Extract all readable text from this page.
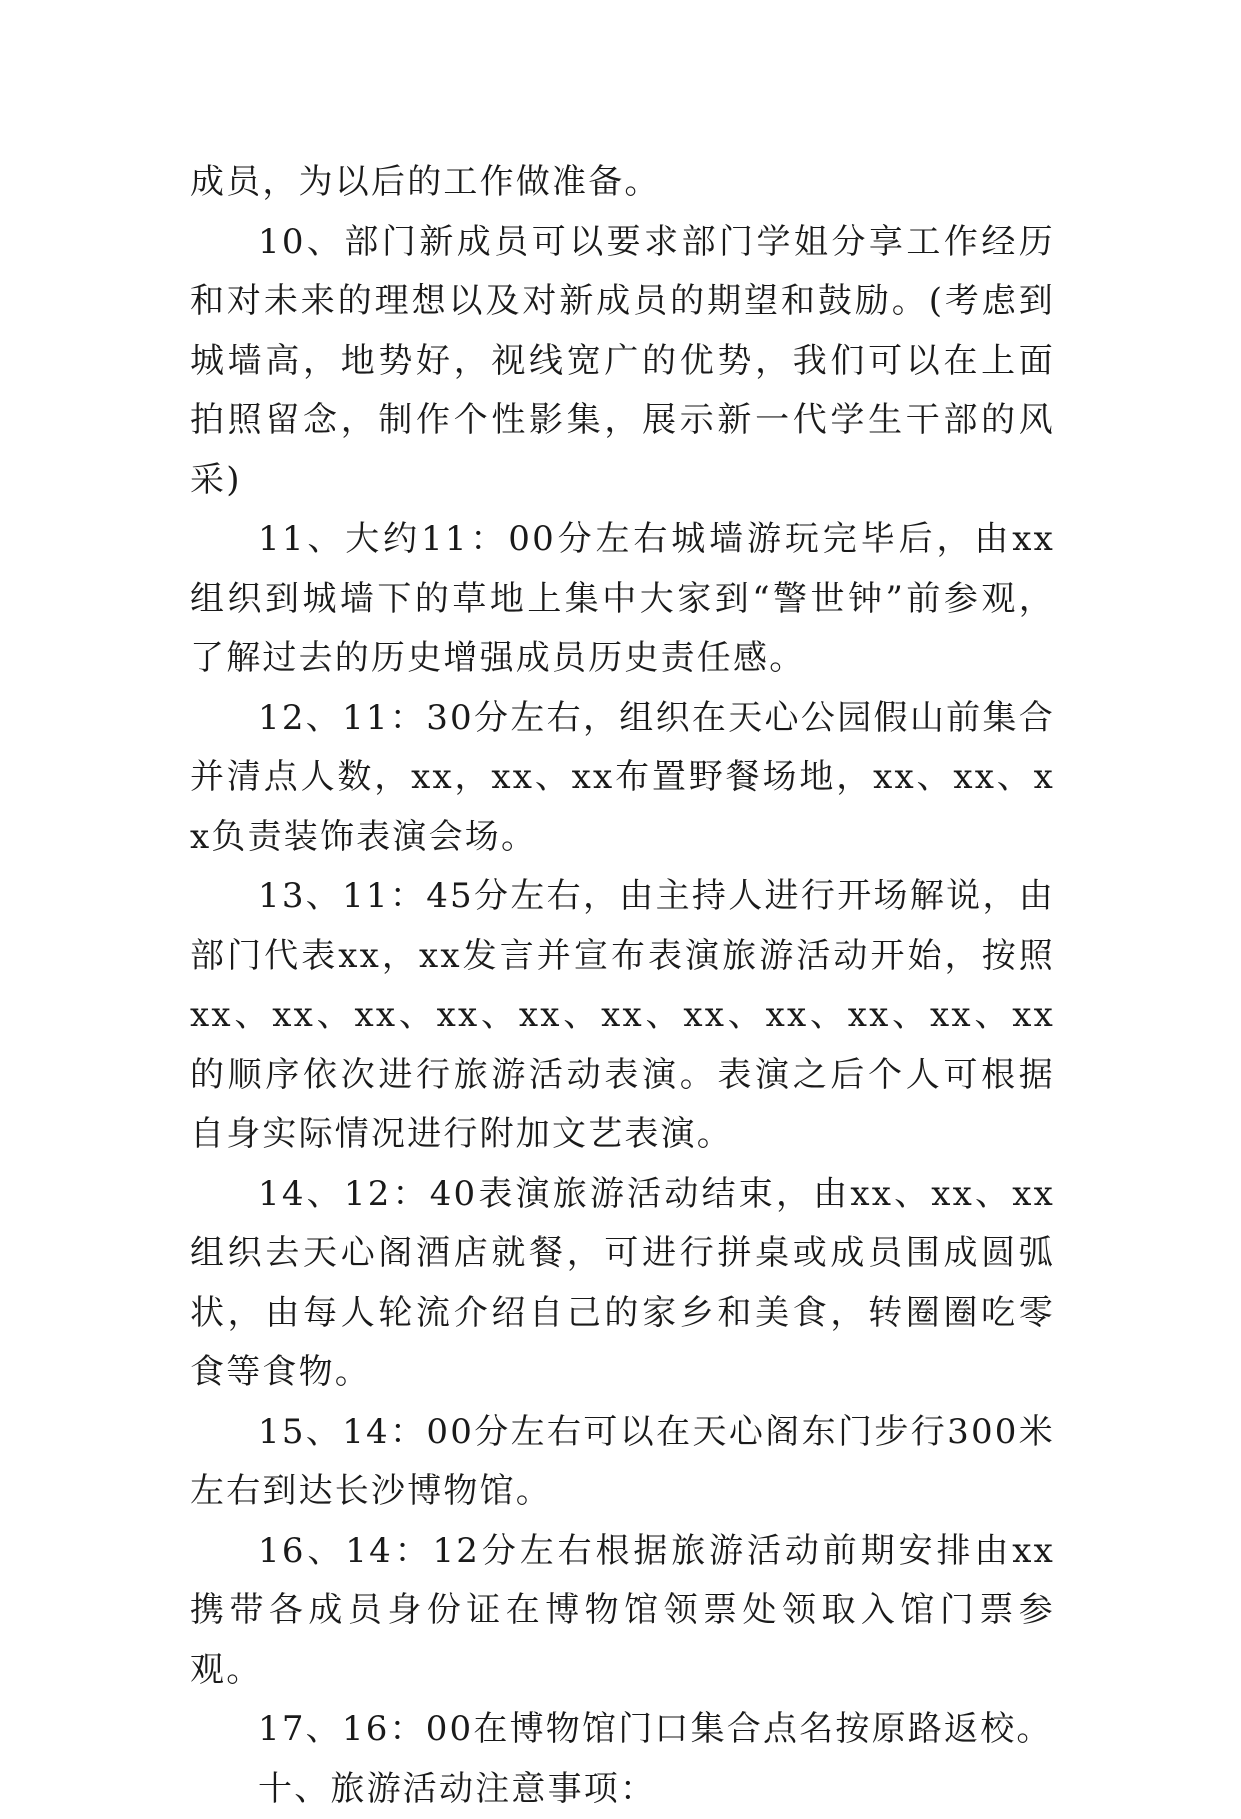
成员，为以后的工作做准备。

10、部门新成员可以要求部门学姐分享工作经历和对未来的理想以及对新成员的期望和鼓励。(考虑到城墙高，地势好，视线宽广的优势，我们可以在上面拍照留念，制作个性影集，展示新一代学生干部的风采)

11、大约11：00分左右城墙游玩完毕后，由xx组织到城墙下的草地上集中大家到“警世钟”前参观，了解过去的历史增强成员历史责任感。

12、11：30分左右，组织在天心公园假山前集合并清点人数，xx，xx、xx布置野餐场地，xx、xx、xx负责装饰表演会场。

13、11：45分左右，由主持人进行开场解说，由部门代表xx，xx发言并宣布表演旅游活动开始，按照xx、xx、xx、xx、xx、xx、xx、xx、xx、xx、xx的顺序依次进行旅游活动表演。表演之后个人可根据自身实际情况进行附加文艺表演。

14、12：40表演旅游活动结束，由xx、xx、xx组织去天心阁酒店就餐，可进行拼桌或成员围成圆弧状，由每人轮流介绍自己的家乡和美食，转圈圈吃零食等食物。

15、14：00分左右可以在天心阁东门步行300米左右到达长沙博物馆。

16、14：12分左右根据旅游活动前期安排由xx携带各成员身份证在博物馆领票处领取入馆门票参观。

17、16：00在博物馆门口集合点名按原路返校。

十、旅游活动注意事项：
